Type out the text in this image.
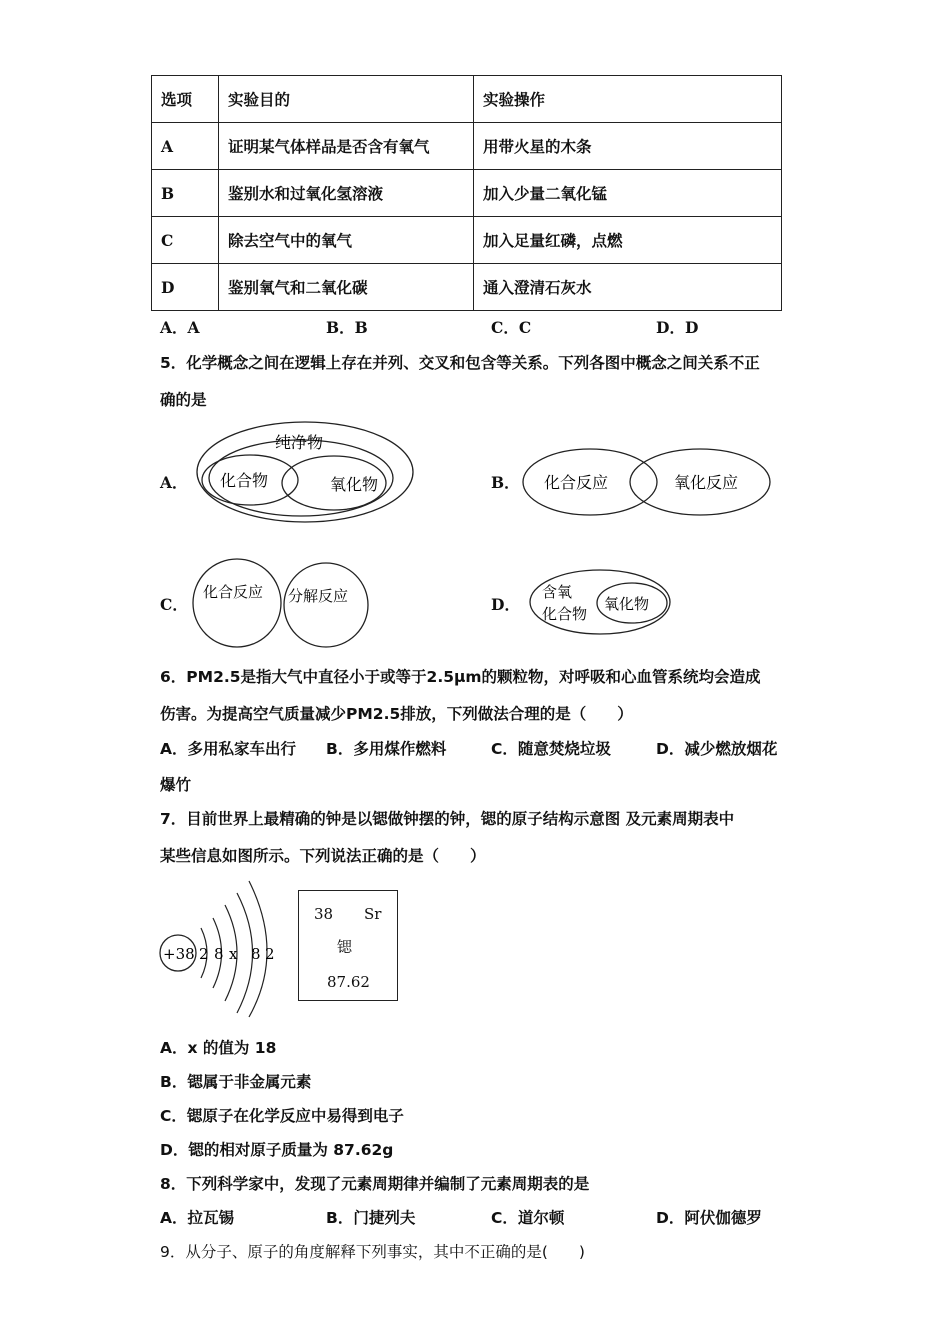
选项	实验目的	实验操作
A	证明某气体样品是否含有氧气	用带火星的木条
B	鉴别水和过氧化氢溶液	加入少量二氧化锰
C	除去空气中的氧气	加入足量红磷，点燃
D	鉴别氧气和二氧化碳	通入澄清石灰水
A．A	B．B	C．C	D．D
5．化学概念之间在逻辑上存在并列、交叉和包含等关系。下列各图中概念之间关系不正
确的是
A．
纯净物
化合物	氧化物	B． 化合反应	氧化反应
C．
化合反应 分解反应	D．
含氧
化合物
氧化物
6．PM2.5是指大气中直径小于或等于2.5μm的颗粒物，对呼吸和心血管系统均会造成
伤害。为提高空气质量减少PM2.5排放，下列做法合理的是（　　）
A．多用私家车出行 B．多用煤作燃料	C．随意焚烧垃圾	D．减少燃放烟花
爆竹
7．目前世界上最精确的钟是以锶做钟摆的钟，锶的原子结构示意图 及元素周期表中
某些信息如图所示。下列说法正确的是（　　）
+38 2 8 x 8 2
38 Sr
锶
87.62
A．x 的值为 18
B．锶属于非金属元素
C．锶原子在化学反应中易得到电子
D．锶的相对原子质量为 87.62g
8．下列科学家中，发现了元素周期律并编制了元素周期表的是
A．拉瓦锡	B．门捷列夫	C．道尔顿	D．阿伏伽德罗
9．从分子、原子的角度解释下列事实，其中不正确的是(　　)
